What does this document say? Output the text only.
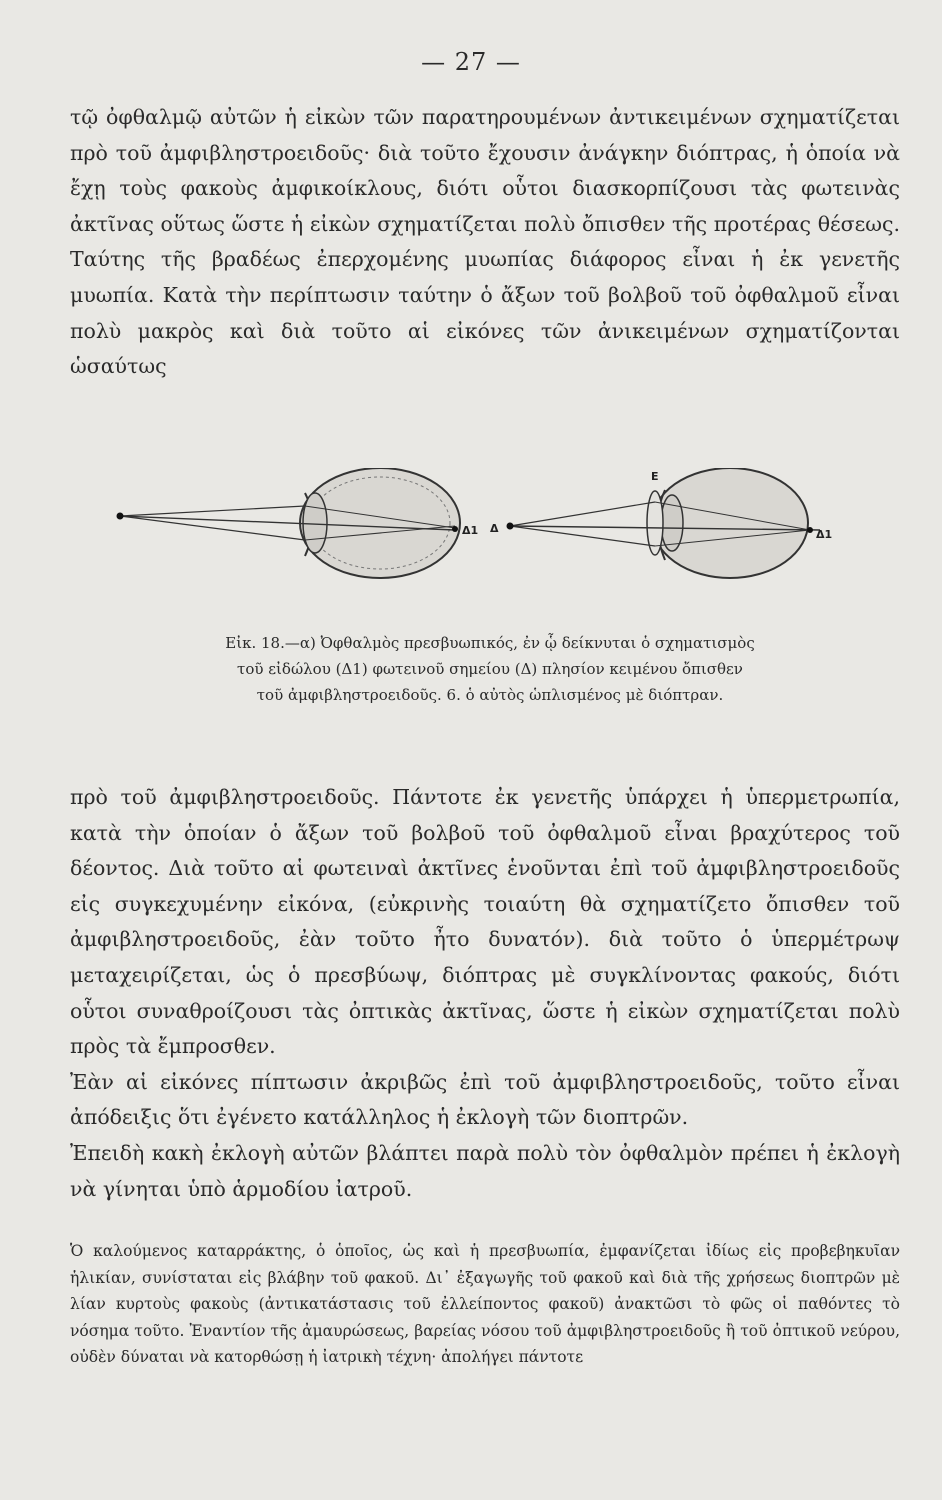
— 27 —

τῷ ὀφθαλμῷ αὐτῶν ἡ εἰκὼν τῶν παρατηρουμένων ἀντικειμένων σχηματίζεται πρὸ τοῦ ἀμφιβληστροειδοῦς· διὰ τοῦτο ἔχουσιν ἀνάγκην διόπτρας, ἡ ὁποία νὰ ἔχῃ τοὺς φακοὺς ἀμφικοίκλους, διότι οὗτοι διασκορπίζουσι τὰς φωτεινὰς ἀκτῖνας οὕτως ὥστε ἡ εἰκὼν σχηματίζεται πολὺ ὄπισθεν τῆς προτέρας θέσεως. Ταύτης τῆς βραδέως ἐπερχομένης μυωπίας διάφορος εἶναι ἡ ἐκ γενετῆς μυωπία. Κατὰ τὴν περίπτωσιν ταύτην ὁ ἄξων τοῦ βολβοῦ τοῦ ὀφθαλμοῦ εἶναι πολὺ μακρὸς καὶ διὰ τοῦτο αἱ εἰκόνες τῶν ἀνικειμένων σχηματίζονται ὡσαύτως

Δ1 Δ
E
Δ1

Εἰκ. 18.—α) Ὀφθαλμὸς πρεσβυωπικός, ἐν ᾧ δείκνυται ὁ σχηματισμὸς

τοῦ εἰδώλου (Δ1) φωτεινοῦ σημείου (Δ) πλησίον κειμένου ὄπισθεν

τοῦ ἀμφιβληστροειδοῦς. 6. ὁ αὐτὸς ὡπλισμένος μὲ διόπτραν.

πρὸ τοῦ ἀμφιβληστροειδοῦς. Πάντοτε ἐκ γενετῆς ὑπάρχει ἡ ὑπερμετρωπία, κατὰ τὴν ὁποίαν ὁ ἄξων τοῦ βολβοῦ τοῦ ὀφθαλμοῦ εἶναι βραχύτερος τοῦ δέοντος. Διὰ τοῦτο αἱ φωτειναὶ ἀκτῖνες ἑνοῦνται ἐπὶ τοῦ ἀμφιβληστροειδοῦς εἰς συγκεχυμένην εἰκόνα, (εὐκρινὴς τοιαύτη θὰ σχηματίζετο ὄπισθεν τοῦ ἀμφιβληστροειδοῦς, ἐὰν τοῦτο ἦτο δυνατόν). διὰ τοῦτο ὁ ὑπερμέτρωψ μεταχειρίζεται, ὡς ὁ πρεσβύωψ, διόπτρας μὲ συγκλίνοντας φακούς, διότι οὗτοι συναθροίζουσι τὰς ὀπτικὰς ἀκτῖνας, ὥστε ἡ εἰκὼν σχηματίζεται πολὺ πρὸς τὰ ἔμπροσθεν.

Ἐὰν αἱ εἰκόνες πίπτωσιν ἀκριβῶς ἐπὶ τοῦ ἀμφιβληστροειδοῦς, τοῦτο εἶναι ἀπόδειξις ὅτι ἐγένετο κατάλληλος ἡ ἐκλογὴ τῶν διοπτρῶν.

Ἐπειδὴ κακὴ ἐκλογὴ αὐτῶν βλάπτει παρὰ πολὺ τὸν ὀφθαλμὸν πρέπει ἡ ἐκλογὴ νὰ γίνηται ὑπὸ ἁρμοδίου ἰατροῦ.

Ὁ καλούμενος καταρράκτης, ὁ ὁποῖος, ὡς καὶ ἡ πρεσβυωπία, ἐμφανίζεται ἰδίως εἰς προβεβηκυῖαν ἡλικίαν, συνίσταται εἰς βλάβην τοῦ φακοῦ. Δι᾽ ἐξαγωγῆς τοῦ φακοῦ καὶ διὰ τῆς χρήσεως διοπτρῶν μὲ λίαν κυρτοὺς φακοὺς (ἀντικατάστασις τοῦ ἐλλείποντος φακοῦ) ἀνακτῶσι τὸ φῶς οἱ παθόντες τὸ νόσημα τοῦτο. Ἐναντίον τῆς ἀμαυρώσεως, βαρείας νόσου τοῦ ἀμφιβληστροειδοῦς ἢ τοῦ ὀπτικοῦ νεύρου, οὐδὲν δύναται νὰ κατορθώσῃ ἡ ἰατρικὴ τέχνη· ἀπολήγει πάντοτε
